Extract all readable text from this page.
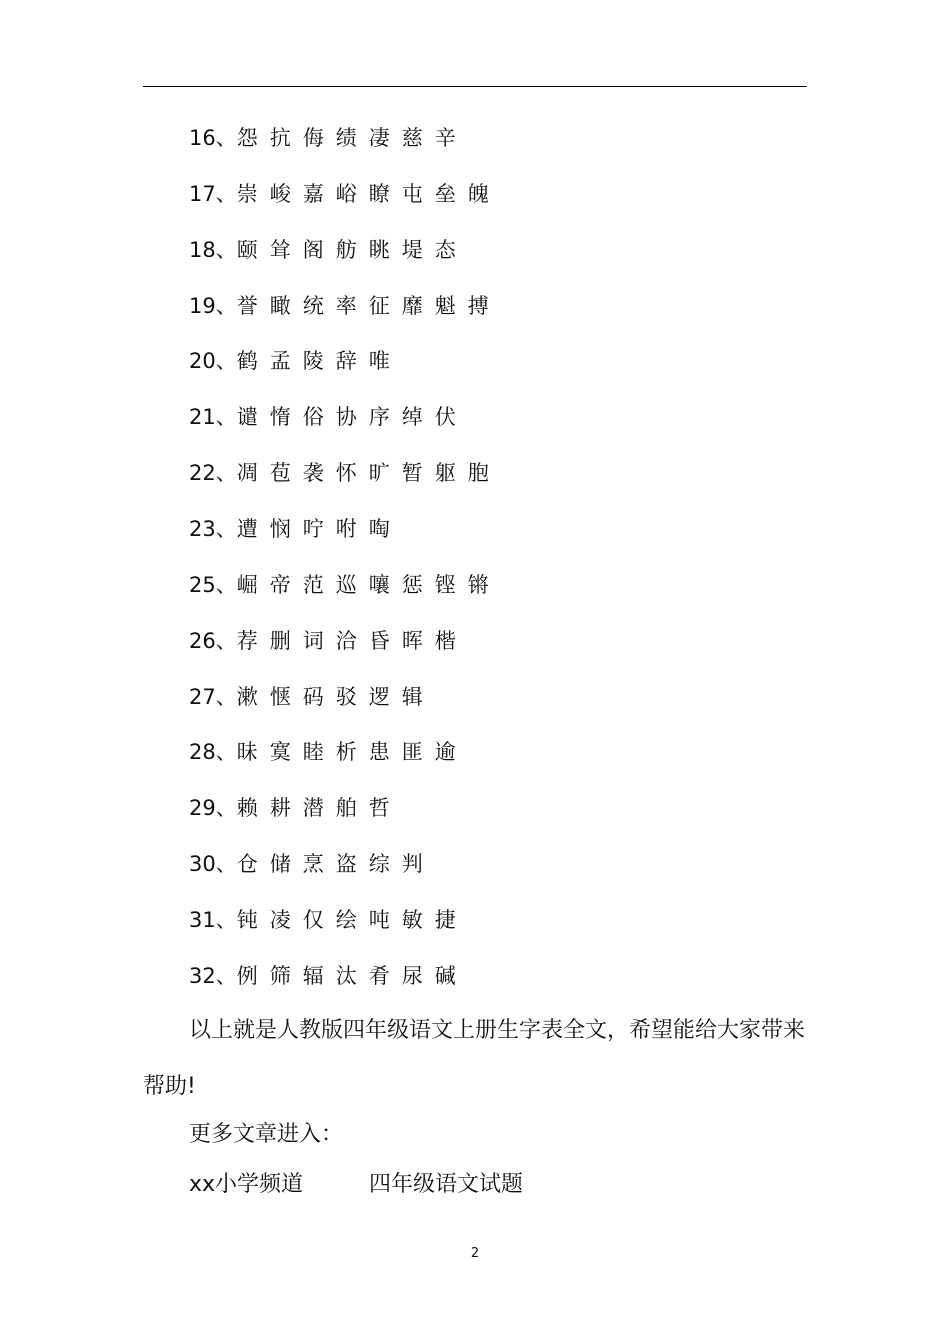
16、怨抗侮绩凄慈辛
17、崇峻嘉峪瞭屯垒魄
18、颐耸阁舫眺堤态
19、誉瞰统率征靡魁搏
20、鹤孟陵辞唯
21、谴惰俗协序绰伏
22、凋苞袭怀旷暂躯胞
23、遭悯咛咐啕
25、崛帝范巡嚷惩铿锵
26、荐删词洽昏晖楷
27、漱惬码驳逻辑
28、昧寞睦析患匪逾
29、赖耕潜舶哲
30、仓储烹盗综判
31、钝凌仅绘吨敏捷
32、例筛辐汰肴尿碱
以上就是人教版四年级语文上册生字表全文，希望能给大家带来帮助!
更多文章进入：
xx小学频道	四年级语文试题
2
